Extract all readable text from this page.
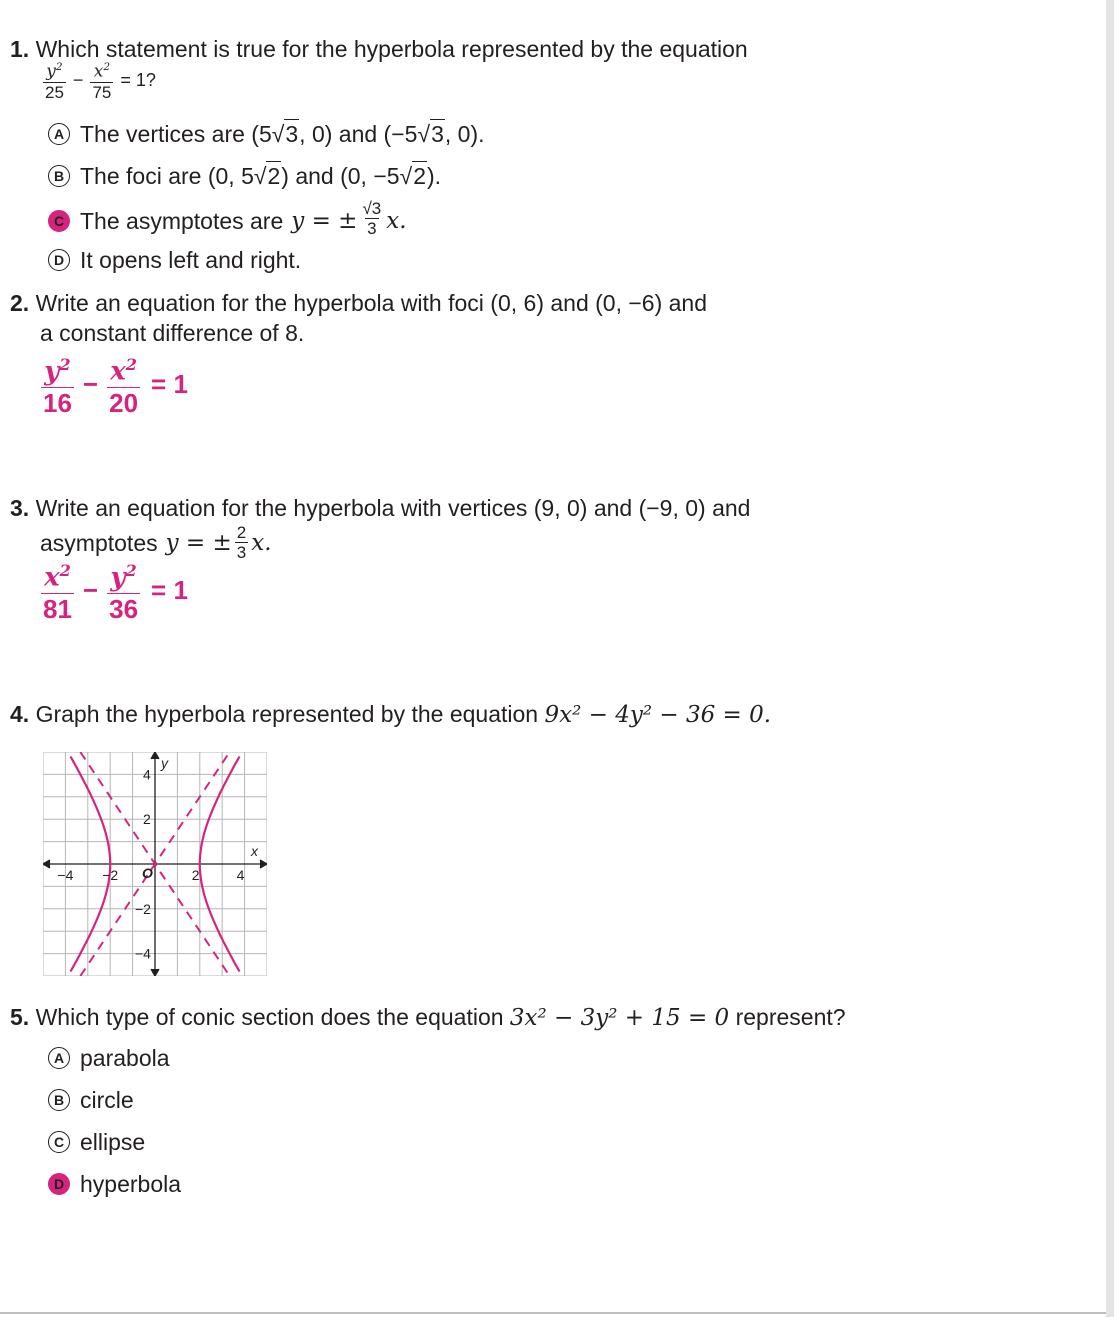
1. Which statement is true for the hyperbola represented by the equation
$\frac{y^2}{25} - \frac{x^2}{75} = 1$?
A The vertices are (5 √ 3 , 0) and (−5 √ 3 , 0).
B The foci are (0, 5 √ 2 ) and (0, −5 √ 2 ).
C The asymptotes are y = ± $\frac{√3}{3} x$.
D It opens left and right.
2. Write an equation for the hyperbola with foci (0, 6) and (0, −6) and
a constant difference of 8.
$\frac{y^2}{16} - \frac{x^2}{20} = 1$
3. Write an equation for the hyperbola with vertices (9, 0) and (−9, 0) and
asymptotes y = ± $\frac{2}{3} x$.
$\frac{x^2}{81} - \frac{y^2}{36} = 1$
4. Graph the hyperbola represented by the equation 9x² − 4y² − 36 = 0.
−4 −2	2	4
4
2
−2
−4
O
x
y
5. Which type of conic section does the equation 3x² − 3y² + 15 = 0 represent?
A parabola
B circle
C ellipse
D hyperbola
